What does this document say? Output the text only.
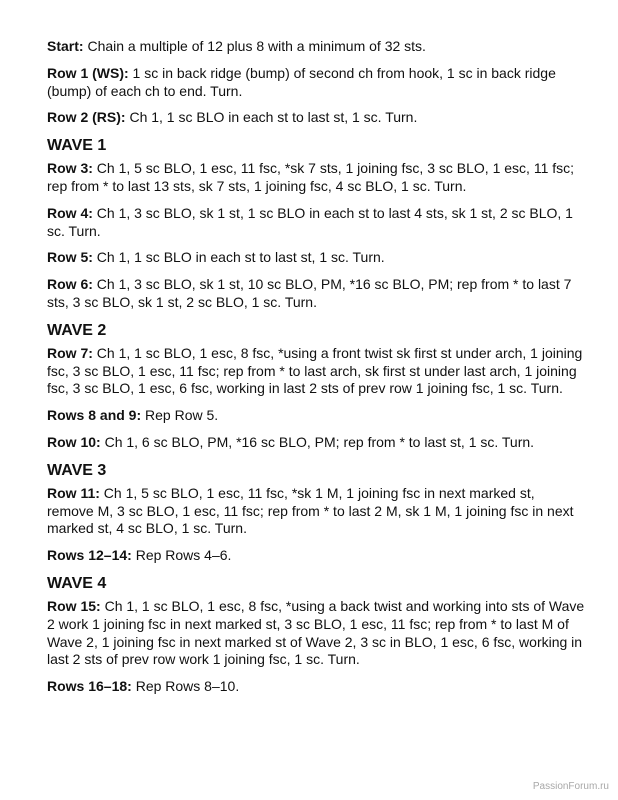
Start: Chain a multiple of 12 plus 8 with a minimum of 32 sts.

Row 1 (WS): 1 sc in back ridge (bump) of second ch from hook, 1 sc in back ridge (bump) of each ch to end. Turn.

Row 2 (RS): Ch 1, 1 sc BLO in each st to last st, 1 sc. Turn.

WAVE 1

Row 3: Ch 1, 5 sc BLO, 1 esc, 11 fsc, *sk 7 sts, 1 joining fsc, 3 sc BLO, 1 esc, 11 fsc; rep from * to last 13 sts, sk 7 sts, 1 joining fsc, 4 sc BLO, 1 sc. Turn.

Row 4: Ch 1, 3 sc BLO, sk 1 st, 1 sc BLO in each st to last 4 sts, sk 1 st, 2 sc BLO, 1 sc. Turn.

Row 5: Ch 1, 1 sc BLO in each st to last st, 1 sc. Turn.

Row 6: Ch 1, 3 sc BLO, sk 1 st, 10 sc BLO, PM, *16 sc BLO, PM; rep from * to last 7 sts, 3 sc BLO, sk 1 st, 2 sc BLO, 1 sc. Turn.

WAVE 2

Row 7: Ch 1, 1 sc BLO, 1 esc, 8 fsc, *using a front twist sk first st under arch, 1 joining fsc, 3 sc BLO, 1 esc, 11 fsc; rep from * to last arch, sk first st under last arch, 1 joining fsc, 3 sc BLO, 1 esc, 6 fsc, working in last 2 sts of prev row 1 joining fsc, 1 sc. Turn.

Rows 8 and 9: Rep Row 5.

Row 10: Ch 1, 6 sc BLO, PM, *16 sc BLO, PM; rep from * to last st, 1 sc. Turn.

WAVE 3

Row 11: Ch 1, 5 sc BLO, 1 esc, 11 fsc, *sk 1 M, 1 joining fsc in next marked st, remove M, 3 sc BLO, 1 esc, 11 fsc; rep from * to last 2 M, sk 1 M, 1 joining fsc in next marked st, 4 sc BLO, 1 sc. Turn.

Rows 12–14: Rep Rows 4–6.

WAVE 4

Row 15: Ch 1, 1 sc BLO, 1 esc, 8 fsc, *using a back twist and working into sts of Wave 2 work 1 joining fsc in next marked st, 3 sc BLO, 1 esc, 11 fsc; rep from * to last M of Wave 2, 1 joining fsc in next marked st of Wave 2, 3 sc in BLO, 1 esc, 6 fsc, working in last 2 sts of prev row work 1 joining fsc, 1 sc. Turn.

Rows 16–18: Rep Rows 8–10.

PassionForum.ru
